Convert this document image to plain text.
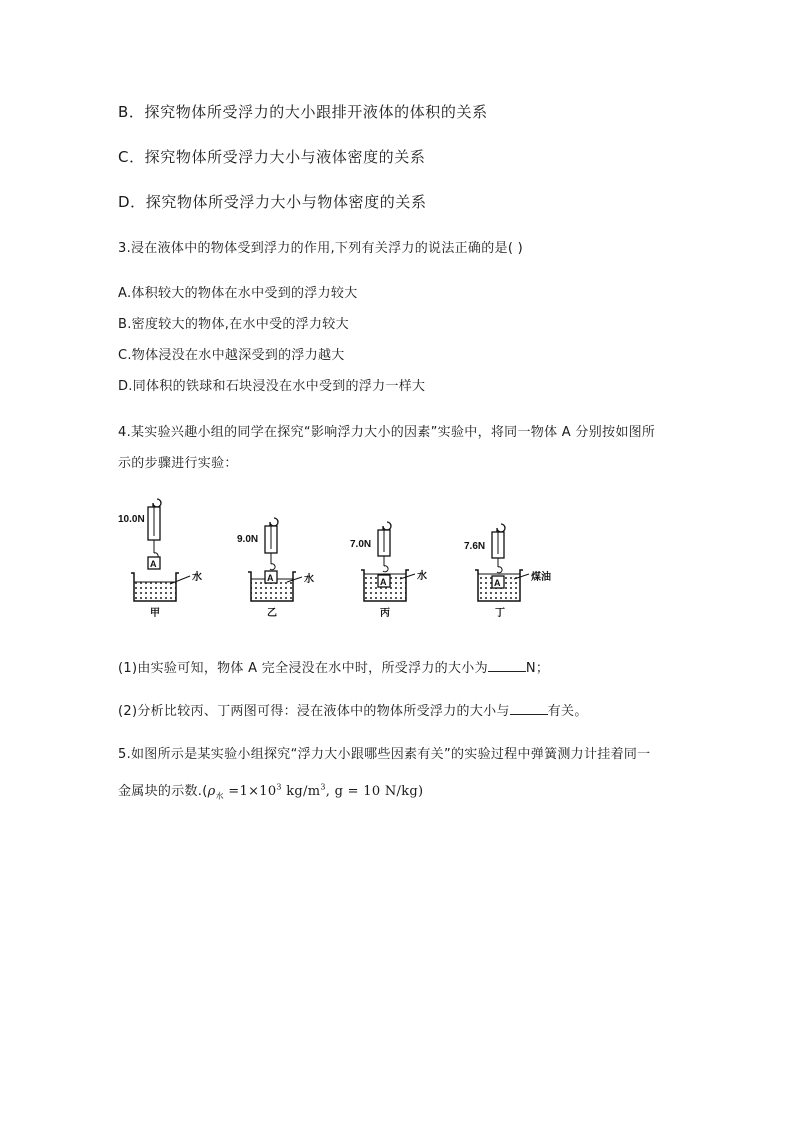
B．探究物体所受浮力的大小跟排开液体的体积的关系
C．探究物体所受浮力大小与液体密度的关系
D．探究物体所受浮力大小与物体密度的关系
3.浸在液体中的物体受到浮力的作用,下列有关浮力的说法正确的是( )
A.体积较大的物体在水中受到的浮力较大
B.密度较大的物体,在水中受的浮力较大
C.物体浸没在水中越深受到的浮力越大
D.同体积的铁球和石块浸没在水中受到的浮力一样大
4.某实验兴趣小组的同学在探究“影响浮力大小的因素”实验中，将同一物体 A 分别按如图所
示的步骤进行实验：
10.0N
A
水
甲
9.0N
A	水
乙
7.0N
A	水
丙
7.6N
A	煤油
丁
(1)由实验可知，物体 A 完全浸没在水中时，所受浮力的大小为	N；
(2)分析比较丙、丁两图可得：浸在液体中的物体所受浮力的大小与	有关。
5.如图所示是某实验小组探究“浮力大小跟哪些因素有关”的实验过程中弹簧测力计挂着同一
金属块的示数$.(\rho_水 =1\times 10^3$ $kg/m^3$, g = 10 N/kg)
